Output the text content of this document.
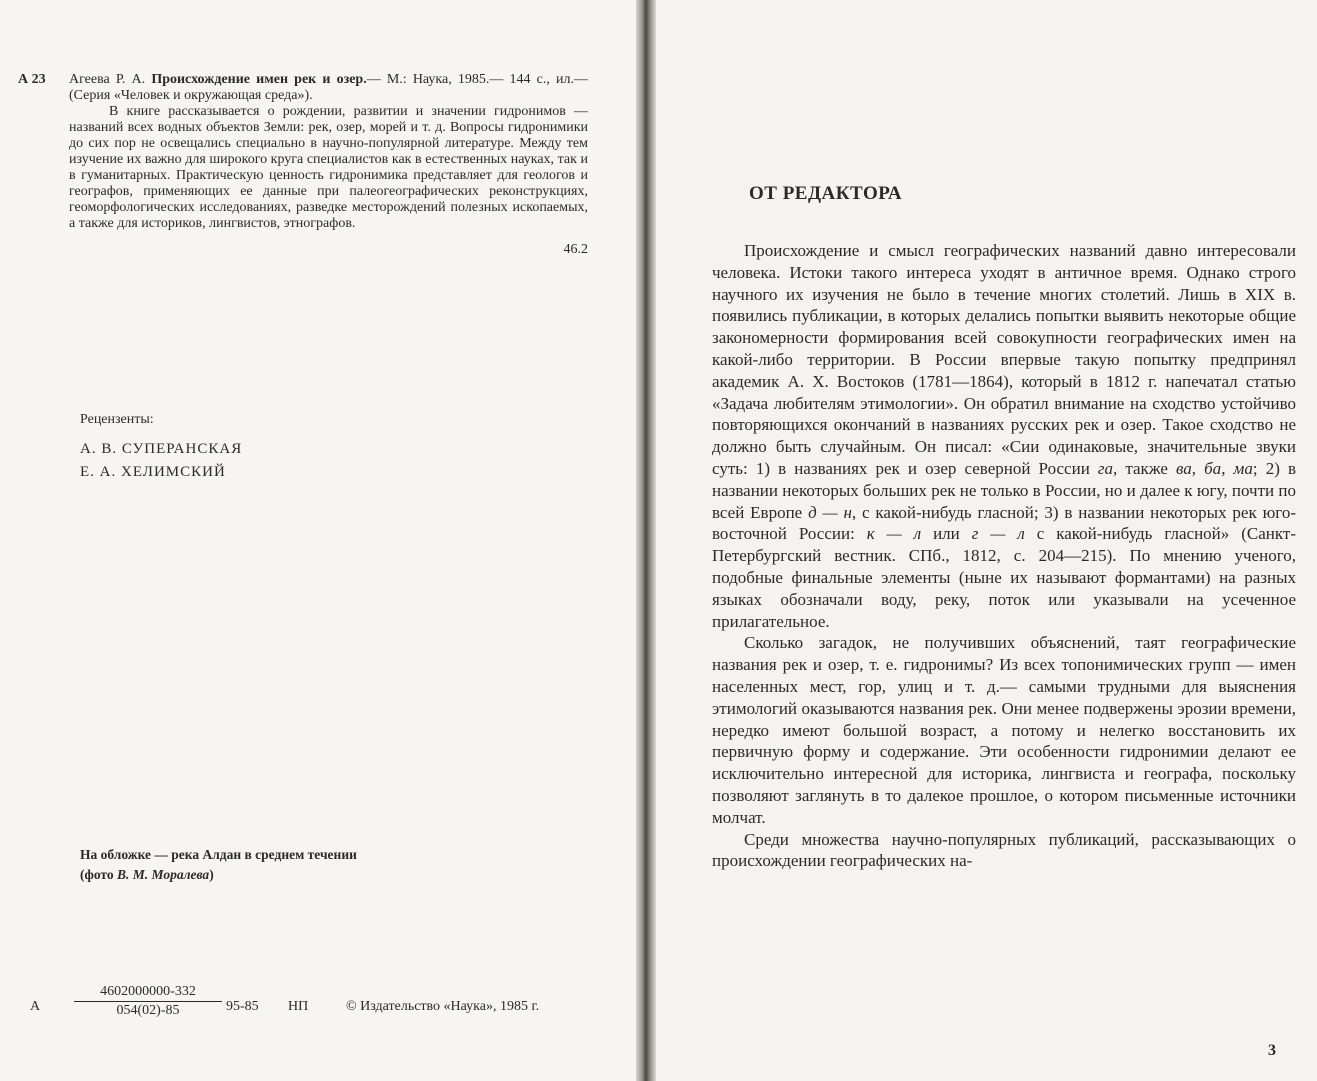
А 23 Агеева Р. А. Происхождение имен рек и озер.— М.: Наука, 1985.— 144 с., ил.— (Серия «Человек и окружающая среда»).
В книге рассказывается о рождении, развитии и значении гидронимов — названий всех водных объектов Земли: рек, озер, морей и т. д. Вопросы гидронимики до сих пор не освещались специально в научно-популярной литературе. Между тем изучение их важно для широкого круга специалистов как в естественных науках, так и в гуманитарных. Практическую ценность гидронимика представляет для геологов и географов, применяющих ее данные при палеогеографических реконструкциях, геоморфологических исследованиях, разведке месторождений полезных ископаемых, а также для историков, лингвистов, этнографов.
46.2
Рецензенты:
А. В. СУПЕРАНСКАЯ
Е. А. ХЕЛИМСКИЙ
На обложке — река Алдан в среднем течении
(фото В. М. Моралева)
А
4602000000-332
054(02)-85	95-85 НП	© Издательство «Наука», 1985 г.
ОТ РЕДАКТОРА

Происхождение и смысл географических названий давно интересовали человека. Истоки такого интереса уходят в античное время. Однако строго научного их изучения не было в течение многих столетий. Лишь в XIX в. появились публикации, в которых делались попытки выявить некоторые общие закономерности формирования всей совокупности географических имен на какой-либо территории. В России впервые такую попытку предпринял академик А. Х. Востоков (1781—1864), который в 1812 г. напечатал статью «Задача любителям этимологии». Он обратил внимание на сходство устойчиво повторяющихся окончаний в названиях русских рек и озер. Такое сходство не должно быть случайным. Он писал: «Сии одинаковые, значительные звуки суть: 1) в названиях рек и озер северной России га, также ва, ба, ма; 2) в названии некоторых больших рек не только в России, но и далее к югу, почти по всей Европе д — н, с какой-нибудь гласной; 3) в названии некоторых рек юго-восточной России: к — л или г — л с какой-нибудь гласной» (Санкт-Петербургский вестник. СПб., 1812, с. 204—215). По мнению ученого, подобные финальные элементы (ныне их называют формантами) на разных языках обозначали воду, реку, поток или указывали на усеченное прилагательное.

Сколько загадок, не получивших объяснений, таят географические названия рек и озер, т. е. гидронимы? Из всех топонимических групп — имен населенных мест, гор, улиц и т. д.— самыми трудными для выяснения этимологий оказываются названия рек. Они менее подвержены эрозии времени, нередко имеют большой возраст, а потому и нелегко восстановить их первичную форму и содержание. Эти особенности гидронимии делают ее исключительно интересной для историка, лингвиста и географа, поскольку позволяют заглянуть в то далекое прошлое, о котором письменные источники молчат.

Среди множества научно-популярных публикаций, рассказывающих о происхождении географических на-

3
